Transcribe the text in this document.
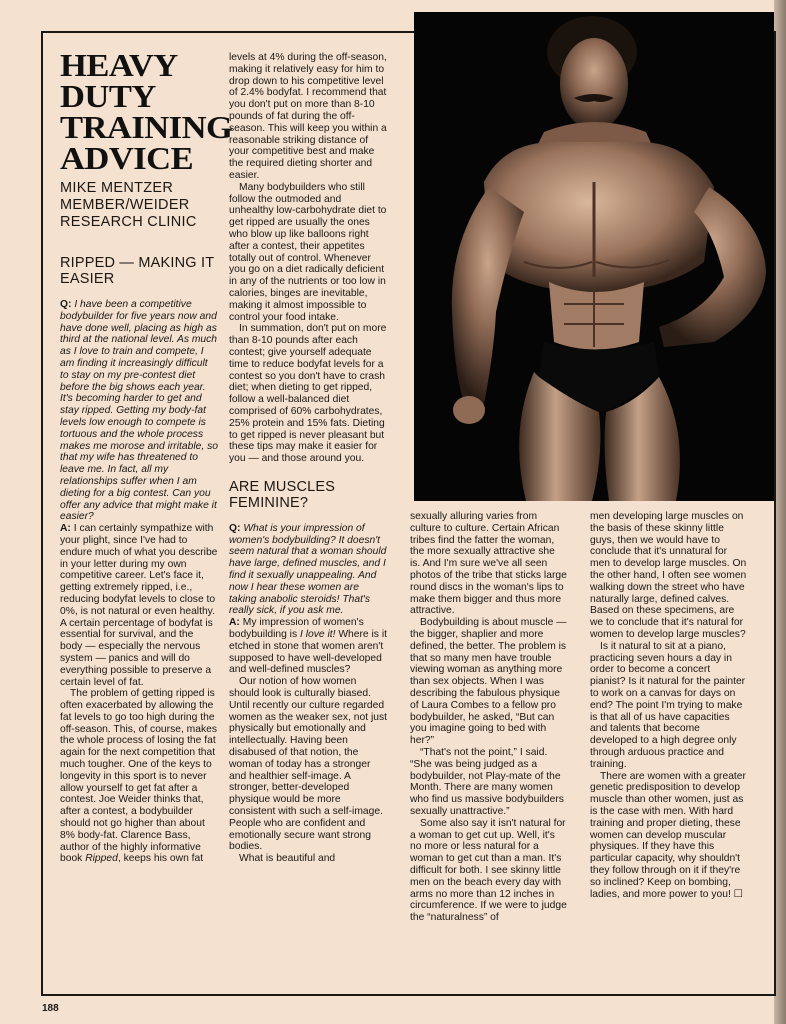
HEAVY
DUTY
TRAINING
ADVICE
MIKE MENTZER
MEMBER/WEIDER
RESEARCH CLINIC
RIPPED — MAKING IT EASIER

Q: I have been a competitive bodybuilder for five years now and have done well, placing as high as third at the national level. As much as I love to train and compete, I am finding it increasingly difficult to stay on my pre-contest diet before the big shows each year. It's becoming harder to get and stay ripped. Getting my body-fat levels low enough to compete is tortuous and the whole process makes me morose and irritable, so that my wife has threatened to leave me. In fact, all my relationships suffer when I am dieting for a big contest. Can you offer any advice that might make it easier?

A: I can certainly sympathize with your plight, since I've had to endure much of what you describe in your letter during my own competitive career. Let's face it, getting extremely ripped, i.e., reducing bodyfat levels to close to 0%, is not natural or even healthy. A certain percentage of bodyfat is essential for survival, and the body — especially the nervous system — panics and will do everything possible to preserve a certain level of fat.

The problem of getting ripped is often exacerbated by allowing the fat levels to go too high during the off-season. This, of course, makes the whole process of losing the fat again for the next competition that much tougher. One of the keys to longevity in this sport is to never allow yourself to get fat after a contest. Joe Weider thinks that, after a contest, a bodybuilder should not go higher than about 8% body-fat. Clarence Bass, author of the highly informative book Ripped, keeps his own fat

levels at 4% during the off-season, making it relatively easy for him to drop down to his competitive level of 2.4% bodyfat. I recommend that you don't put on more than 8-10 pounds of fat during the off-season. This will keep you within a reasonable striking distance of your competitive best and make the required dieting shorter and easier.

Many bodybuilders who still follow the outmoded and unhealthy low-carbohydrate diet to get ripped are usually the ones who blow up like balloons right after a contest, their appetites totally out of control. Whenever you go on a diet radically deficient in any of the nutrients or too low in calories, binges are inevitable, making it almost impossible to control your food intake.

In summation, don't put on more than 8-10 pounds after each contest; give yourself adequate time to reduce bodyfat levels for a contest so you don't have to crash diet; when dieting to get ripped, follow a well-balanced diet comprised of 60% carbohydrates, 25% protein and 15% fats. Dieting to get ripped is never pleasant but these tips may make it easier for you — and those around you.

ARE MUSCLES FEMININE?

Q: What is your impression of women's bodybuilding? It doesn't seem natural that a woman should have large, defined muscles, and I find it sexually unappealing. And now I hear these women are taking anabolic steroids! That's really sick, if you ask me.

A: My impression of women's bodybuilding is I love it! Where is it etched in stone that women aren't supposed to have well-developed and well-defined muscles?

Our notion of how women should look is culturally biased. Until recently our culture regarded women as the weaker sex, not just physically but emotionally and intellectually. Having been disabused of that notion, the woman of today has a stronger and healthier self-image. A stronger, better-developed physique would be more consistent with such a self-image. People who are confident and emotionally secure want strong bodies.

What is beautiful and

sexually alluring varies from culture to culture. Certain African tribes find the fatter the woman, the more sexually attractive she is. And I'm sure we've all seen photos of the tribe that sticks large round discs in the woman's lips to make them bigger and thus more attractive.

Bodybuilding is about muscle — the bigger, shaplier and more defined, the better. The problem is that so many men have trouble viewing woman as anything more than sex objects. When I was describing the fabulous physique of Laura Combes to a fellow pro bodybuilder, he asked, “But can you imagine going to bed with her?”

“That's not the point,” I said. “She was being judged as a bodybuilder, not Play-mate of the Month. There are many women who find us massive bodybuilders sexually unattractive.”

Some also say it isn't natural for a woman to get cut up. Well, it's no more or less natural for a woman to get cut than a man. It's difficult for both. I see skinny little men on the beach every day with arms no more than 12 inches in circumference. If we were to judge the “naturalness” of

men developing large muscles on the basis of these skinny little guys, then we would have to conclude that it's unnatural for men to develop large muscles. On the other hand, I often see women walking down the street who have naturally large, defined calves. Based on these specimens, are we to conclude that it's natural for women to develop large muscles?

Is it natural to sit at a piano, practicing seven hours a day in order to become a concert pianist? Is it natural for the painter to work on a canvas for days on end? The point I'm trying to make is that all of us have capacities and talents that become developed to a high degree only through arduous practice and training.

There are women with a greater genetic predisposition to develop muscle than other women, just as is the case with men. With hard training and proper dieting, these women can develop muscular physiques. If they have this particular capacity, why shouldn't they follow through on it if they're so inclined? Keep on bombing, ladies, and more power to you! ☐

188
